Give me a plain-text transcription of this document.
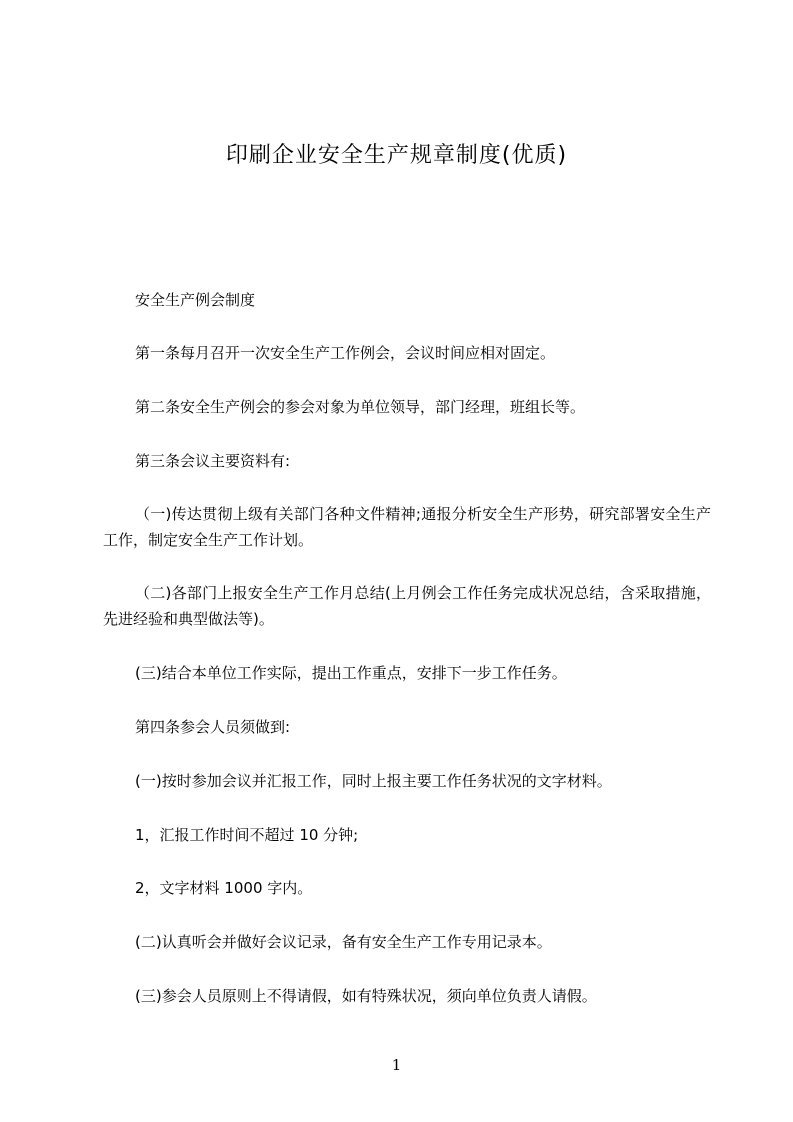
印刷企业安全生产规章制度(优质)

安全生产例会制度

第一条每月召开一次安全生产工作例会，会议时间应相对固定。

第二条安全生产例会的参会对象为单位领导，部门经理，班组长等。

第三条会议主要资料有:

（一)传达贯彻上级有关部门各种文件精神;通报分析安全生产形势，研究部署安全生产工作，制定安全生产工作计划。

（二)各部门上报安全生产工作月总结(上月例会工作任务完成状况总结，含采取措施，先进经验和典型做法等)。

(三)结合本单位工作实际，提出工作重点，安排下一步工作任务。

第四条参会人员须做到:

(一)按时参加会议并汇报工作，同时上报主要工作任务状况的文字材料。

1，汇报工作时间不超过 10 分钟;

2，文字材料 1000 字内。

(二)认真听会并做好会议记录，备有安全生产工作专用记录本。

(三)参会人员原则上不得请假，如有特殊状况，须向单位负责人请假。

1
